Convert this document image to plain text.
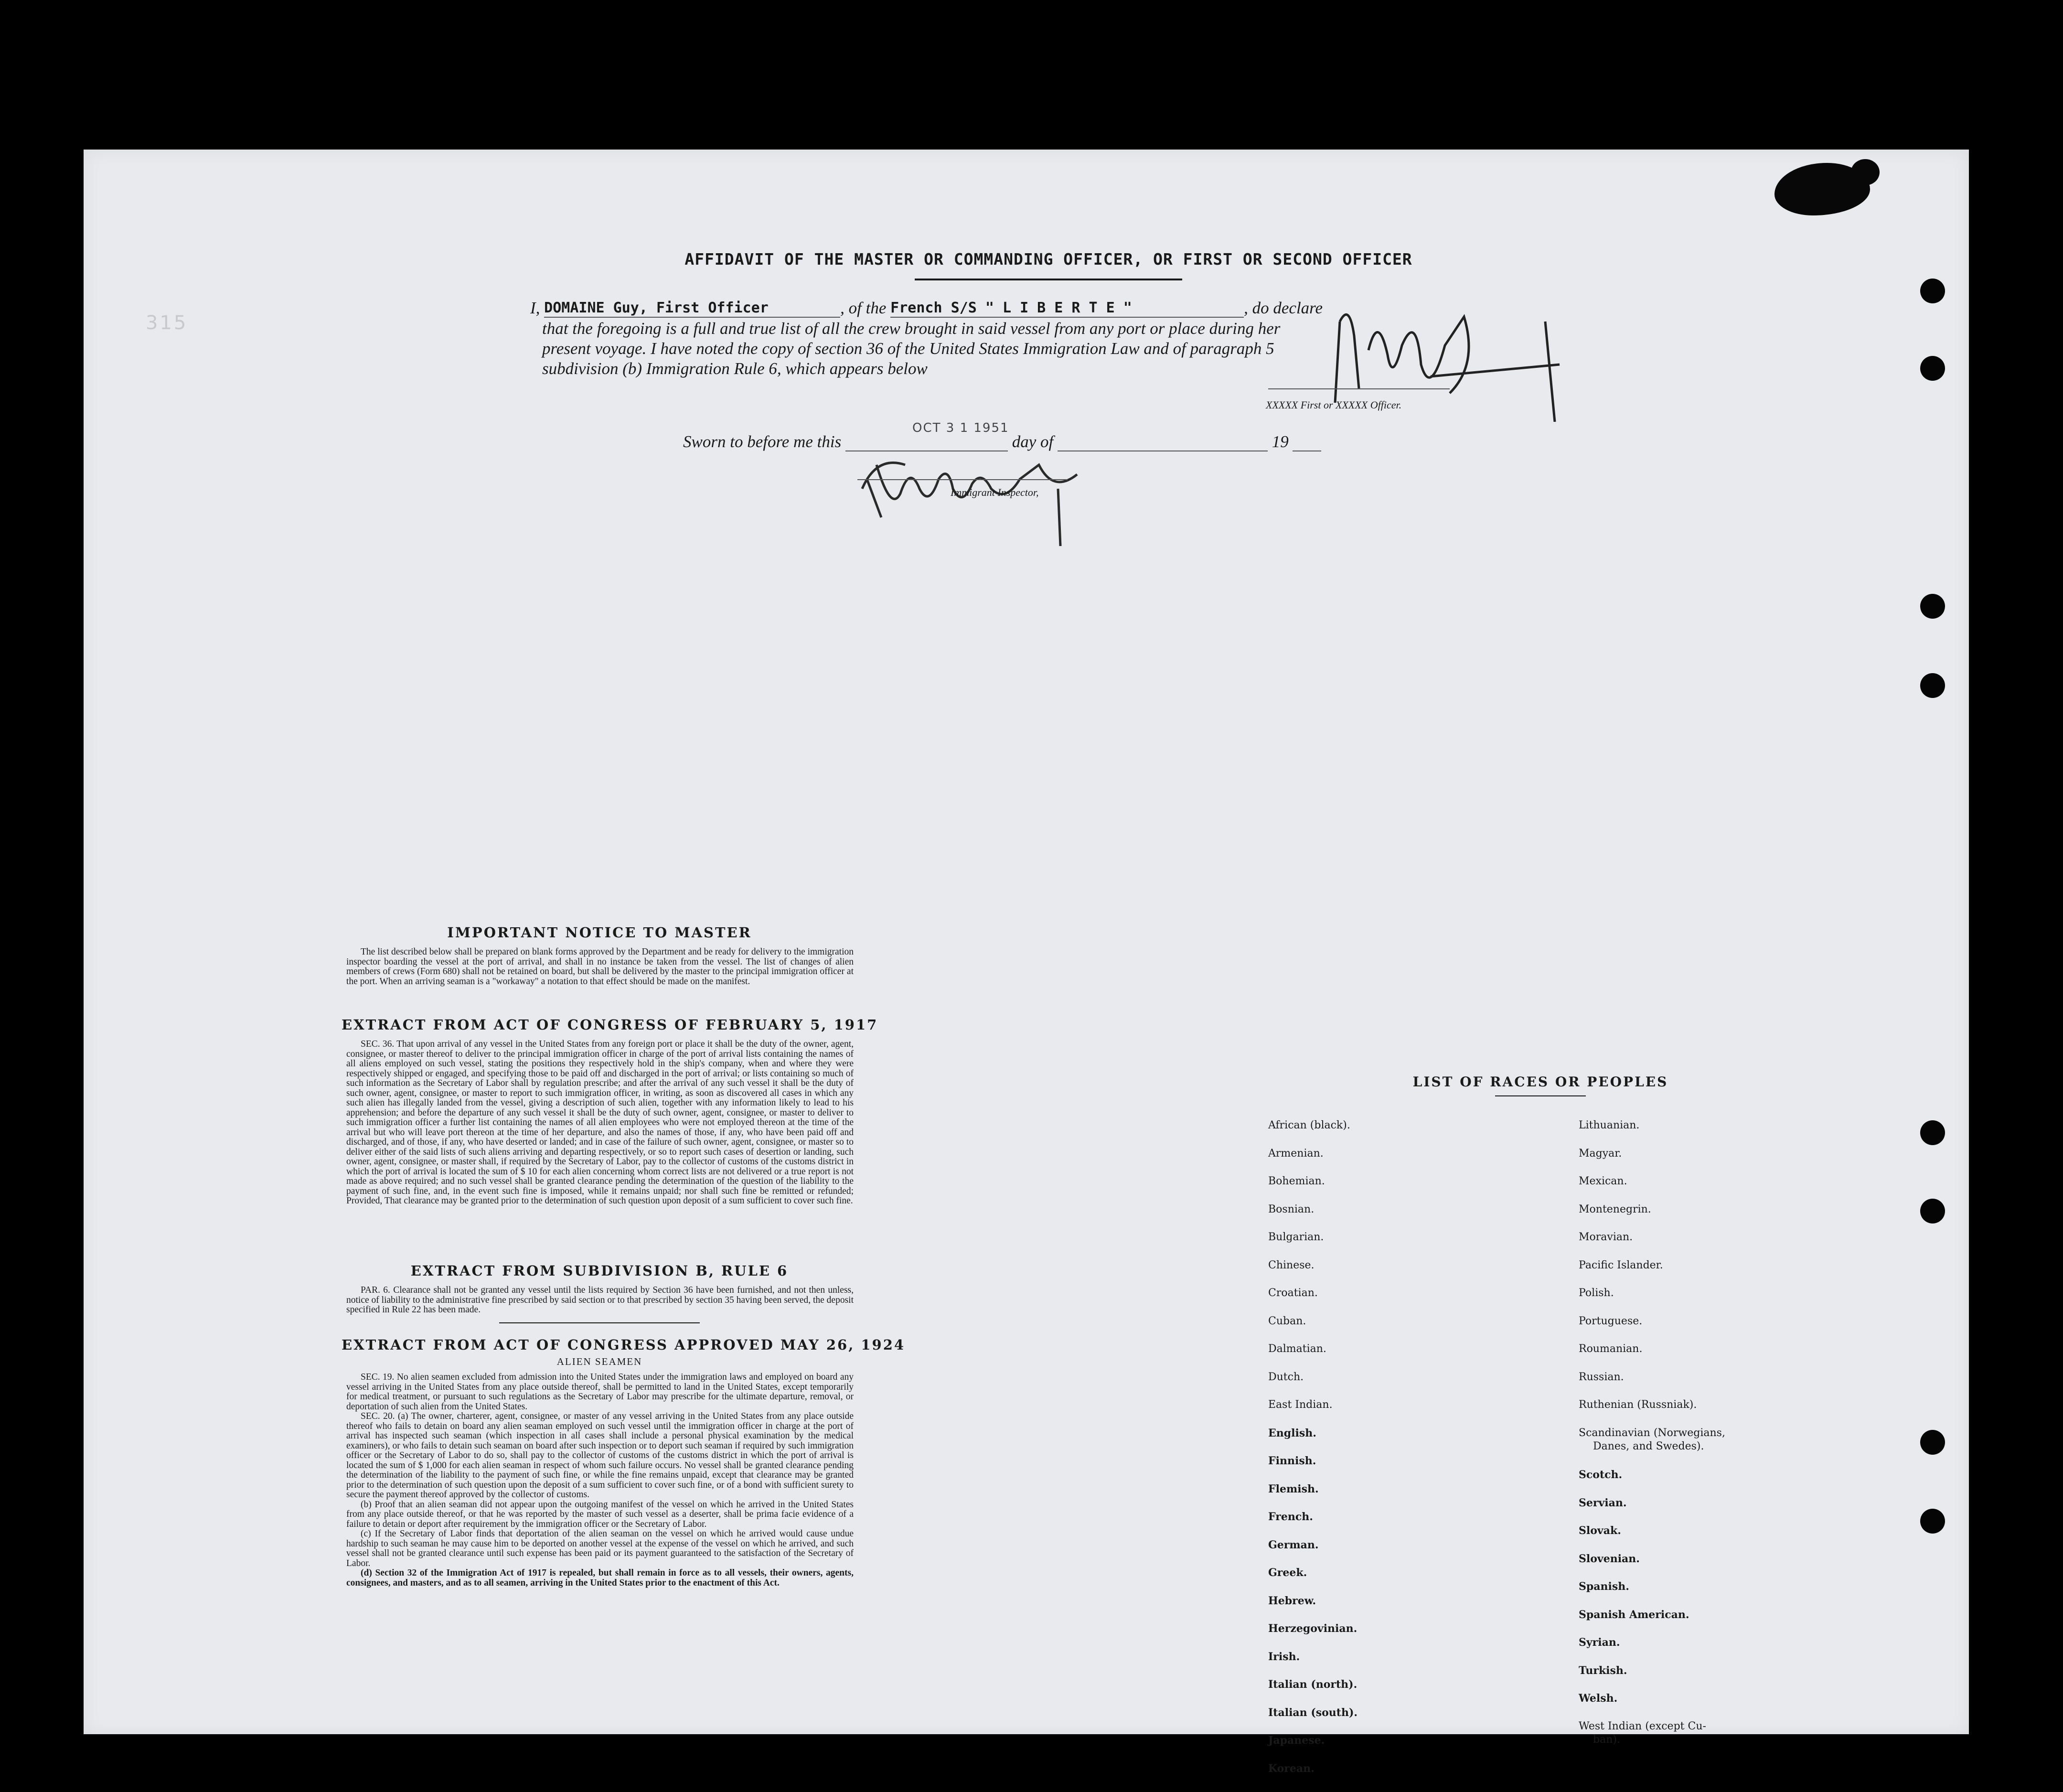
315
AFFIDAVIT OF THE MASTER OR COMMANDING OFFICER, OR FIRST OR SECOND OFFICER
I, DOMAINE Guy, First Officer	, of the French S/S " L I B E R T E "	, do declare
that the foregoing is a full and true list of all the crew brought in said vessel from any port or place during her
present voyage. I have noted the copy of section 36 of the United States Immigration Law and of paragraph 5
subdivision (b) Immigration Rule 6, which appears below
XXXXX First or XXXXX Officer.
Sworn to before me this	day of	19
OCT 3 1 1951
Immigrant Inspector,
IMPORTANT NOTICE TO MASTER

The list described below shall be prepared on blank forms approved by the Department and be ready for delivery to the immigration inspector boarding the vessel at the port of arrival, and shall in no instance be taken from the vessel. The list of changes of alien members of crews (Form 680) shall not be retained on board, but shall be delivered by the master to the principal immigration officer at the port. When an arriving seaman is a "workaway" a notation to that effect should be made on the manifest.

EXTRACT FROM ACT OF CONGRESS OF FEBRUARY 5, 1917

SEC. 36. That upon arrival of any vessel in the United States from any foreign port or place it shall be the duty of the owner, agent, consignee, or master thereof to deliver to the principal immigration officer in charge of the port of arrival lists containing the names of all aliens employed on such vessel, stating the positions they respectively hold in the ship's company, when and where they were respectively shipped or engaged, and specifying those to be paid off and discharged in the port of arrival; or lists containing so much of such information as the Secretary of Labor shall by regulation prescribe; and after the arrival of any such vessel it shall be the duty of such owner, agent, consignee, or master to report to such immigration officer, in writing, as soon as discovered all cases in which any such alien has illegally landed from the vessel, giving a description of such alien, together with any information likely to lead to his apprehension; and before the departure of any such vessel it shall be the duty of such owner, agent, consignee, or master to deliver to such immigration officer a further list containing the names of all alien employees who were not employed thereon at the time of the arrival but who will leave port thereon at the time of her departure, and also the names of those, if any, who have been paid off and discharged, and of those, if any, who have deserted or landed; and in case of the failure of such owner, agent, consignee, or master so to deliver either of the said lists of such aliens arriving and departing respectively, or so to report such cases of desertion or landing, such owner, agent, consignee, or master shall, if required by the Secretary of Labor, pay to the collector of customs of the customs district in which the port of arrival is located the sum of $ 10 for each alien concerning whom correct lists are not delivered or a true report is not made as above required; and no such vessel shall be granted clearance pending the determination of the question of the liability to the payment of such fine, and, in the event such fine is imposed, while it remains unpaid; nor shall such fine be remitted or refunded; Provided, That clearance may be granted prior to the determination of such question upon deposit of a sum sufficient to cover such fine.

EXTRACT FROM SUBDIVISION B, RULE 6

PAR. 6. Clearance shall not be granted any vessel until the lists required by Section 36 have been furnished, and not then unless, notice of liability to the administrative fine prescribed by said section or to that prescribed by section 35 having been served, the deposit specified in Rule 22 has been made.

EXTRACT FROM ACT OF CONGRESS APPROVED MAY 26, 1924
ALIEN SEAMEN

SEC. 19. No alien seamen excluded from admission into the United States under the immigration laws and employed on board any vessel arriving in the United States from any place outside thereof, shall be permitted to land in the United States, except temporarily for medical treatment, or pursuant to such regulations as the Secretary of Labor may prescribe for the ultimate departure, removal, or deportation of such alien from the United States.

SEC. 20. (a) The owner, charterer, agent, consignee, or master of any vessel arriving in the United States from any place outside thereof who fails to detain on board any alien seaman employed on such vessel until the immigration officer in charge at the port of arrival has inspected such seaman (which inspection in all cases shall include a personal physical examination by the medical examiners), or who fails to detain such seaman on board after such inspection or to deport such seaman if required by such immigration officer or the Secretary of Labor to do so, shall pay to the collector of customs of the customs district in which the port of arrival is located the sum of $ 1,000 for each alien seaman in respect of whom such failure occurs. No vessel shall be granted clearance pending the determination of the liability to the payment of such fine, or while the fine remains unpaid, except that clearance may be granted prior to the determination of such question upon the deposit of a sum sufficient to cover such fine, or of a bond with sufficient surety to secure the payment thereof approved by the collector of customs.

(b) Proof that an alien seaman did not appear upon the outgoing manifest of the vessel on which he arrived in the United States from any place outside thereof, or that he was reported by the master of such vessel as a deserter, shall be prima facie evidence of a failure to detain or deport after requirement by the immigration officer or the Secretary of Labor.

(c) If the Secretary of Labor finds that deportation of the alien seaman on the vessel on which he arrived would cause undue hardship to such seaman he may cause him to be deported on another vessel at the expense of the vessel on which he arrived, and such vessel shall not be granted clearance until such expense has been paid or its payment guaranteed to the satisfaction of the Secretary of Labor.

(d) Section 32 of the Immigration Act of 1917 is repealed, but shall remain in force as to all vessels, their owners, agents, consignees, and masters, and as to all seamen, arriving in the United States prior to the enactment of this Act.

LIST OF RACES OR PEOPLES
African (black).
Armenian.
Bohemian.
Bosnian.
Bulgarian.
Chinese.
Croatian.
Cuban.
Dalmatian.
Dutch.
East Indian.
English.
Finnish.
Flemish.
French.
German.
Greek.
Hebrew.
Herzegovinian.
Irish.
Italian (north).
Italian (south).
Japanese.
Korean.
Lithuanian.
Magyar.
Mexican.
Montenegrin.
Moravian.
Pacific Islander.
Polish.
Portuguese.
Roumanian.
Russian.
Ruthenian (Russniak).
Scandinavian (Norwegians,
Danes, and Swedes).
Scotch.
Servian.
Slovak.
Slovenian.
Spanish.
Spanish American.
Syrian.
Turkish.
Welsh.
West Indian (except Cu-
ban).
